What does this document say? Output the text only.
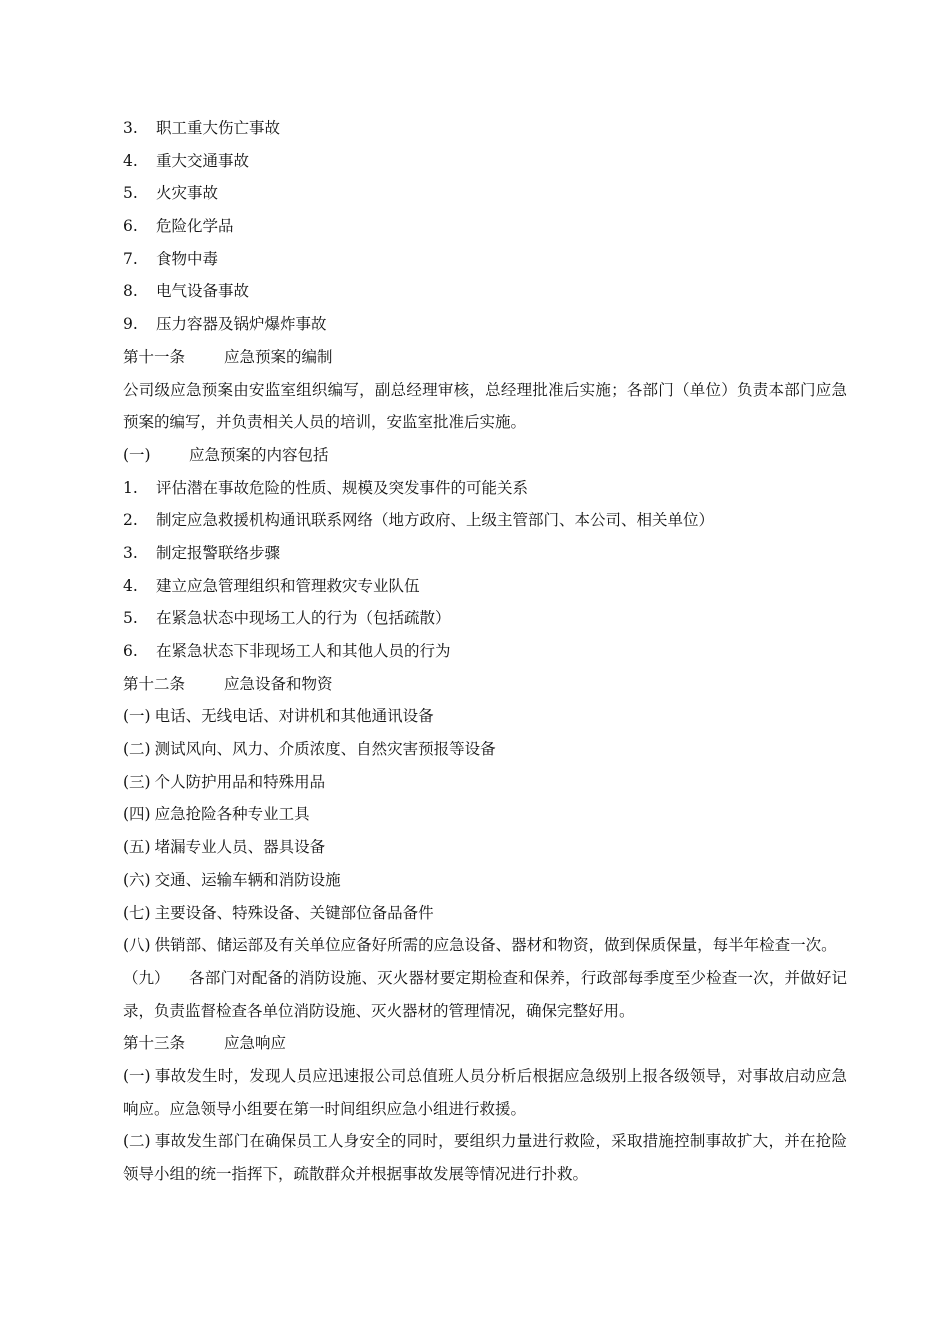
3. 职工重大伤亡事故
4. 重大交通事故
5. 火灾事故
6. 危险化学品
7. 食物中毒
8. 电气设备事故
9. 压力容器及锅炉爆炸事故
第十一条	应急预案的编制
公司级应急预案由安监室组织编写，副总经理审核，总经理批准后实施；各部门（单位）负责本部门应急预案的编写，并负责相关人员的培训，安监室批准后实施。
(一) 应急预案的内容包括
1. 评估潜在事故危险的性质、规模及突发事件的可能关系
2. 制定应急救援机构通讯联系网络（地方政府、上级主管部门、本公司、相关单位）
3. 制定报警联络步骤
4. 建立应急管理组织和管理救灾专业队伍
5. 在紧急状态中现场工人的行为（包括疏散）
6. 在紧急状态下非现场工人和其他人员的行为
第十二条	应急设备和物资
(一) 电话、无线电话、对讲机和其他通讯设备
(二) 测试风向、风力、介质浓度、自然灾害预报等设备
(三) 个人防护用品和特殊用品
(四) 应急抢险各种专业工具
(五) 堵漏专业人员、器具设备
(六) 交通、运输车辆和消防设施
(七) 主要设备、特殊设备、关键部位备品备件
(八) 供销部、储运部及有关单位应备好所需的应急设备、器材和物资，做到保质保量，每半年检查一次。
（九） 各部门对配备的消防设施、灭火器材要定期检查和保养，行政部每季度至少检查一次，并做好记录，负责监督检查各单位消防设施、灭火器材的管理情况，确保完整好用。
第十三条	应急响应
(一) 事故发生时，发现人员应迅速报公司总值班人员分析后根据应急级别上报各级领导，对事故启动应急响应。应急领导小组要在第一时间组织应急小组进行救援。
(二) 事故发生部门在确保员工人身安全的同时，要组织力量进行救险，采取措施控制事故扩大，并在抢险领导小组的统一指挥下，疏散群众并根据事故发展等情况进行扑救。
